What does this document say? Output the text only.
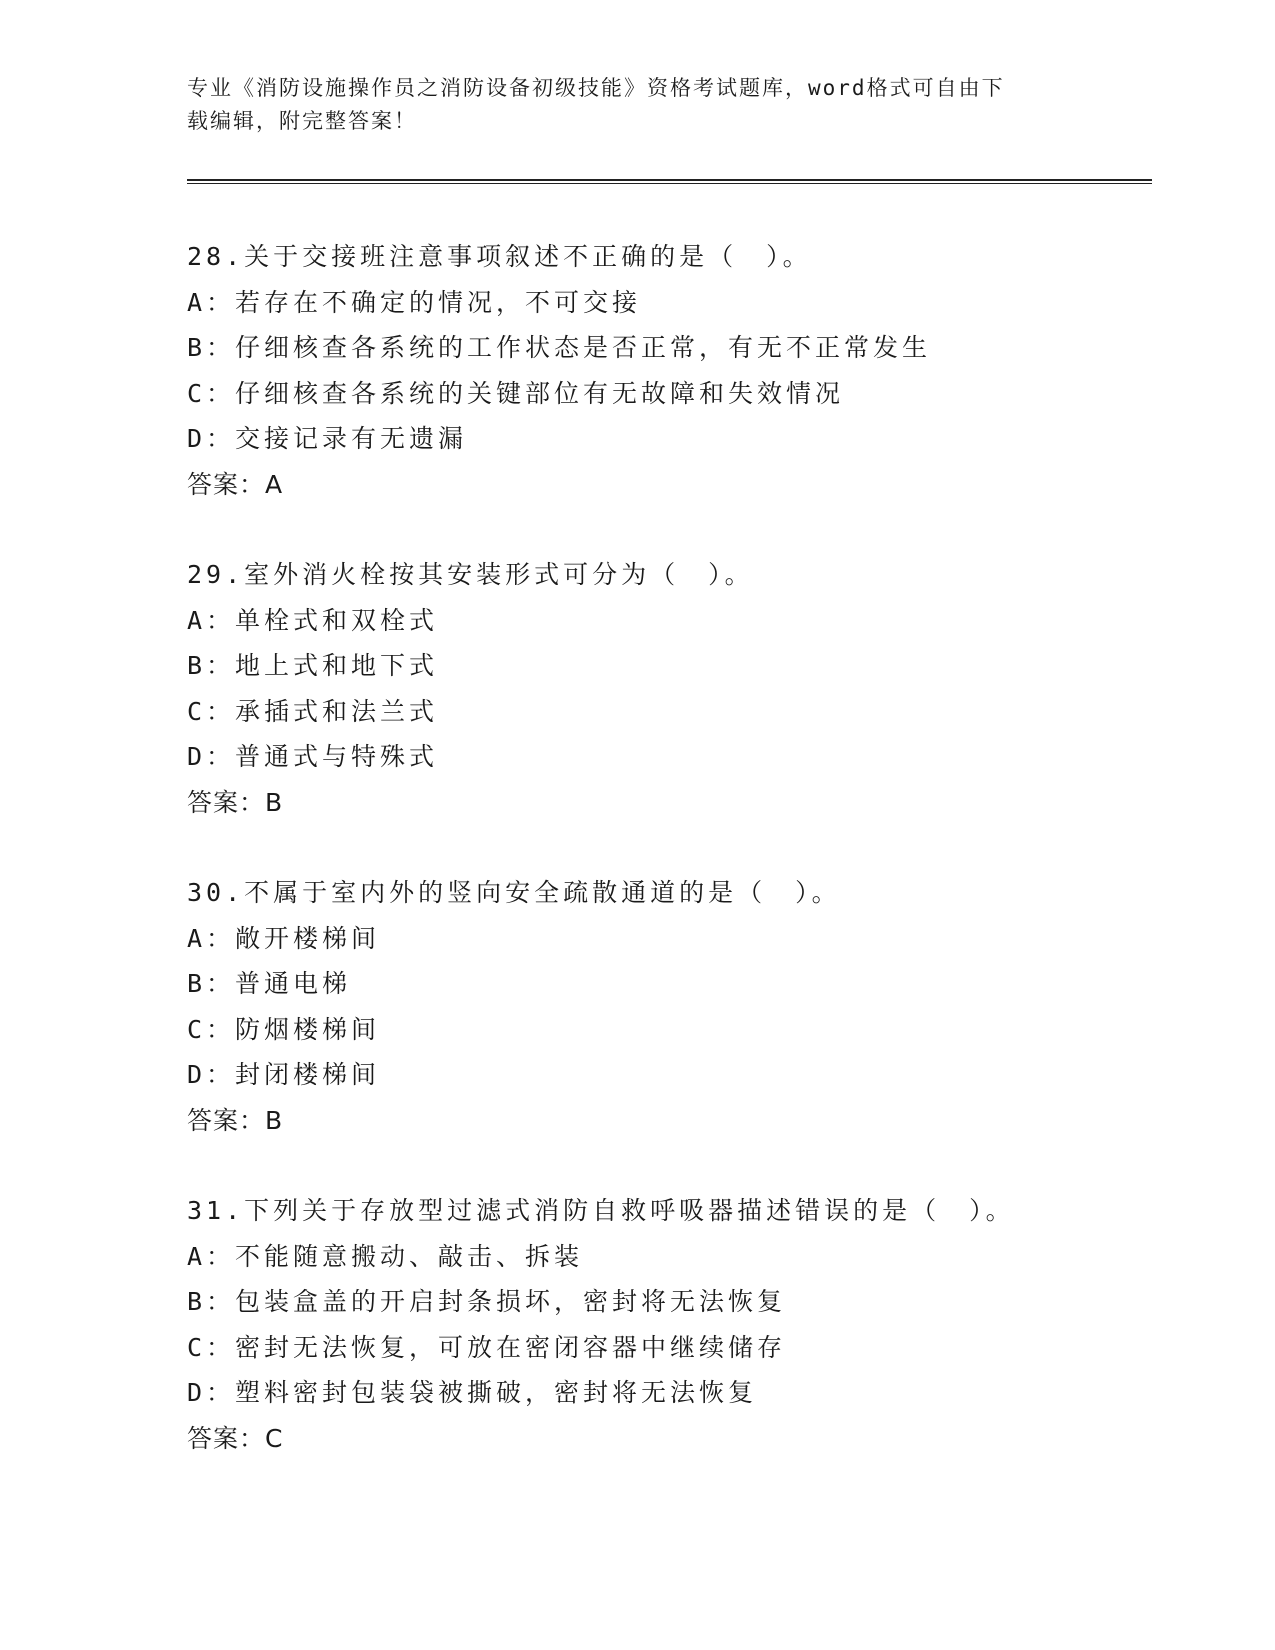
专业《消防设施操作员之消防设备初级技能》资格考试题库，word格式可自由下
载编辑，附完整答案！
28.关于交接班注意事项叙述不正确的是（　）。
A：若存在不确定的情况，不可交接
B：仔细核查各系统的工作状态是否正常，有无不正常发生
C：仔细核查各系统的关键部位有无故障和失效情况
D：交接记录有无遗漏
答案：A
29.室外消火栓按其安装形式可分为（　）。
A：单栓式和双栓式
B：地上式和地下式
C：承插式和法兰式
D：普通式与特殊式
答案：B
30.不属于室内外的竖向安全疏散通道的是（　）。
A：敞开楼梯间
B：普通电梯
C：防烟楼梯间
D：封闭楼梯间
答案：B
31.下列关于存放型过滤式消防自救呼吸器描述错误的是（　）。
A：不能随意搬动、敲击、拆装
B：包装盒盖的开启封条损坏，密封将无法恢复
C：密封无法恢复，可放在密闭容器中继续储存
D：塑料密封包装袋被撕破，密封将无法恢复
答案：C
